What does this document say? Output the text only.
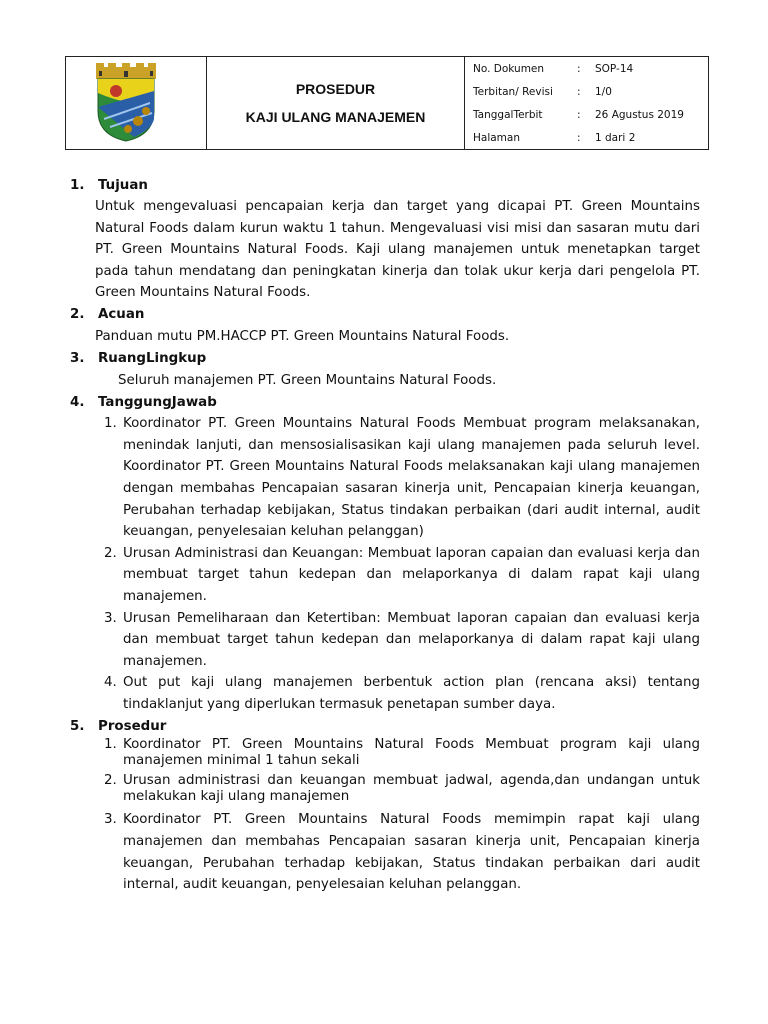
PROSEDUR
KAJI ULANG MANAJEMEN
No. Dokumen	:	SOP-14
Terbitan/ Revisi	:	1/0
TanggalTerbit	:	26 Agustus 2019
Halaman	:	1 dari 2
1.	Tujuan
Untuk mengevaluasi pencapaian kerja dan target yang dicapai PT. Green Mountains Natural Foods dalam kurun waktu 1 tahun. Mengevaluasi visi misi dan sasaran mutu dari PT. Green Mountains Natural Foods. Kaji ulang manajemen untuk menetapkan target pada tahun mendatang dan peningkatan kinerja dan tolak ukur kerja dari pengelola PT. Green Mountains Natural Foods.
2.	Acuan
Panduan mutu PM.HACCP PT. Green Mountains Natural Foods.
3.	RuangLingkup
Seluruh manajemen PT. Green Mountains Natural Foods.
4.	TanggungJawab
1. Koordinator PT. Green Mountains Natural Foods Membuat program melaksanakan, menindak lanjuti, dan mensosialisasikan kaji ulang manajemen pada seluruh level. Koordinator PT. Green Mountains Natural Foods melaksanakan kaji ulang manajemen dengan membahas Pencapaian sasaran kinerja unit, Pencapaian kinerja keuangan, Perubahan terhadap kebijakan, Status tindakan perbaikan (dari audit internal, audit keuangan, penyelesaian keluhan pelanggan)
2. Urusan Administrasi dan Keuangan: Membuat laporan capaian dan evaluasi kerja dan membuat target tahun kedepan dan melaporkanya di dalam rapat kaji ulang manajemen.
3. Urusan Pemeliharaan dan Ketertiban: Membuat laporan capaian dan evaluasi kerja dan membuat target tahun kedepan dan melaporkanya di dalam rapat kaji ulang manajemen.
4. Out put kaji ulang manajemen berbentuk action plan (rencana aksi) tentang tindaklanjut yang diperlukan termasuk penetapan sumber daya.
5.	Prosedur
1. Koordinator PT. Green Mountains Natural Foods Membuat program kaji ulang manajemen minimal 1 tahun sekali
2. Urusan administrasi dan keuangan membuat jadwal, agenda,dan undangan untuk melakukan kaji ulang manajemen
3. Koordinator PT. Green Mountains Natural Foods memimpin rapat kaji ulang manajemen dan membahas Pencapaian sasaran kinerja unit, Pencapaian kinerja keuangan, Perubahan terhadap kebijakan, Status tindakan perbaikan dari audit internal, audit keuangan, penyelesaian keluhan pelanggan.
